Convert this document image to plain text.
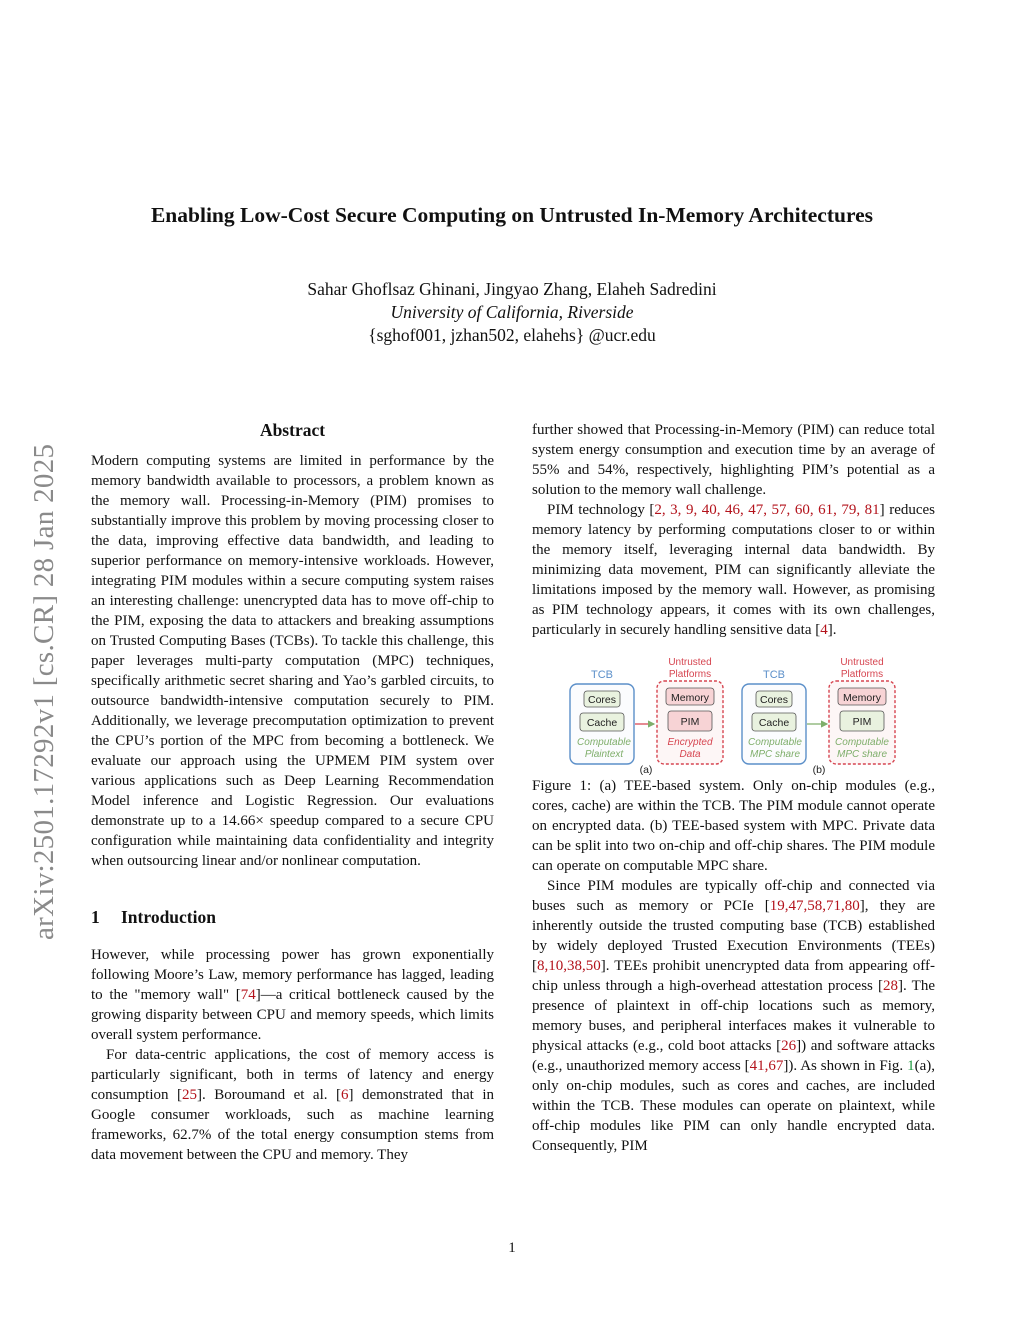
arXiv:2501.17292v1 [cs.CR] 28 Jan 2025
Enabling Low-Cost Secure Computing on Untrusted In-Memory Architectures
Sahar Ghoflsaz Ghinani, Jingyao Zhang, Elaheh Sadredini
University of California, Riverside
{sghof001, jzhan502, elahehs} @ucr.edu
Abstract

Modern computing systems are limited in performance by the memory bandwidth available to processors, a problem known as the memory wall. Processing-in-Memory (PIM) promises to substantially improve this problem by moving processing closer to the data, improving effective data bandwidth, and leading to superior performance on memory-intensive workloads. However, integrating PIM modules within a secure computing system raises an interesting challenge: unencrypted data has to move off-chip to the PIM, exposing the data to attackers and breaking assumptions on Trusted Computing Bases (TCBs). To tackle this challenge, this paper leverages multi-party computation (MPC) techniques, specifically arithmetic secret sharing and Yao’s garbled circuits, to outsource bandwidth-intensive computation securely to PIM. Additionally, we leverage precomputation optimization to prevent the CPU’s portion of the MPC from becoming a bottleneck. We evaluate our approach using the UPMEM PIM system over various applications such as Deep Learning Recommendation Model inference and Logistic Regression. Our evaluations demonstrate up to a 14.66× speedup compared to a secure CPU configuration while maintaining data confidentiality and integrity when outsourcing linear and/or nonlinear computation.

1 Introduction

However, while processing power has grown exponentially following Moore’s Law, memory performance has lagged, leading to the "memory wall" [74]—a critical bottleneck caused by the growing disparity between CPU and memory speeds, which limits overall system performance.

For data-centric applications, the cost of memory access is particularly significant, both in terms of latency and energy consumption [25]. Boroumand et al. [6] demonstrated that in Google consumer workloads, such as machine learning frameworks, 62.7% of the total energy consumption stems from data movement between the CPU and memory. They

further showed that Processing-in-Memory (PIM) can reduce total system energy consumption and execution time by an average of 55% and 54%, respectively, highlighting PIM’s potential as a solution to the memory wall challenge.

PIM technology [2, 3, 9, 40, 46, 47, 57, 60, 61, 79, 81] reduces memory latency by performing computations closer to or within the memory itself, leveraging internal data bandwidth. By minimizing data movement, PIM can significantly alleviate the limitations imposed by the memory wall. However, as promising as PIM technology appears, it comes with its own challenges, particularly in securely handling sensitive data [4].

TCB
Cores
Cache
Computable
Plaintext
Untrusted
Platforms
Memory
PIM
Encrypted
Data
(a)
TCB
Cores
Cache
Computable
MPC share
Untrusted
Platforms
Memory
PIM
Computable
MPC share
(b)

Figure 1: (a) TEE-based system. Only on-chip modules (e.g., cores, cache) are within the TCB. The PIM module cannot operate on encrypted data. (b) TEE-based system with MPC. Private data can be split into two on-chip and off-chip shares. The PIM module can operate on computable MPC share.

Since PIM modules are typically off-chip and connected via buses such as memory or PCIe [19,47,58,71,80], they are inherently outside the trusted computing base (TCB) established by widely deployed Trusted Execution Environments (TEEs) [8,10,38,50]. TEEs prohibit unencrypted data from appearing off-chip unless through a high-overhead attestation process [28]. The presence of plaintext in off-chip locations such as memory, memory buses, and peripheral interfaces makes it vulnerable to physical attacks (e.g., cold boot attacks [26]) and software attacks (e.g., unauthorized memory access [41,67]). As shown in Fig. 1(a), only on-chip modules, such as cores and caches, are included within the TCB. These modules can operate on plaintext, while off-chip modules like PIM can only handle encrypted data. Consequently, PIM

1
